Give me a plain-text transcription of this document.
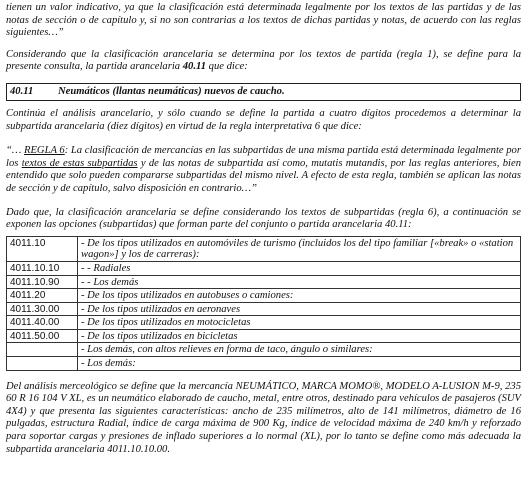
tienen un valor indicativo, ya que la clasificación está determinada legalmente por los textos de las partidas y de las notas de sección o de capítulo y, si no son contrarias a los textos de dichas partidas y notas, de acuerdo con las reglas siguientes…”

Considerando que la clasificación arancelaria se determina por los textos de partida (regla 1), se define para la presente consulta, la partida arancelaria 40.11 que dice:

40.11 Neumáticos (llantas neumáticas) nuevos de caucho.

Continúa el análisis arancelario, y sólo cuando se define la partida a cuatro dígitos procedemos a determinar la subpartida arancelaria (diez dígitos) en virtud de la regla interpretativa 6 que dice:

“… REGLA 6: La clasificación de mercancías en las subpartidas de una misma partida está determinada legalmente por los textos de estas subpartidas y de las notas de subpartida así como, mutatis mutandis, por las reglas anteriores, bien entendido que solo pueden compararse subpartidas del mismo nivel. A efecto de esta regla, también se aplican las notas de sección y de capítulo, salvo disposición en contrario…”

Dado que, la clasificación arancelaria se define considerando los textos de subpartidas (regla 6), a continuación se exponen las opciones (subpartidas) que forman parte del conjunto o partida arancelaria 40.11:

4011.10	- De los tipos utilizados en automóviles de turismo (incluidos los del tipo familiar [«break» o «station wagon»] y los de carreras):
4011.10.10	- - Radiales
4011.10.90	- - Los demás
4011.20	- De los tipos utilizados en autobuses o camiones:
4011.30.00	- De los tipos utilizados en aeronaves
4011.40.00	- De los tipos utilizados en motocicletas
4011.50.00	- De los tipos utilizados en bicicletas
	- Los demás, con altos relieves en forma de taco, ángulo o similares:
	- Los demás:

Del análisis merceológico se define que la mercancía NEUMÁTICO, MARCA MOMO®, MODELO A-LUSION M-9, 235 60 R 16 104 V XL, es un neumático elaborado de caucho, metal, entre otros, destinado para vehículos de pasajeros (SUV 4X4) y que presenta las siguientes características: ancho de 235 milímetros, alto de 141 milímetros, diámetro de 16 pulgadas, estructura Radial, índice de carga máxima de 900 Kg, índice de velocidad máxima de 240 km/h y reforzado para soportar cargas y presiones de inflado superiores a lo normal (XL), por lo tanto se define como más adecuada la subpartida arancelaria 4011.10.10.00.
